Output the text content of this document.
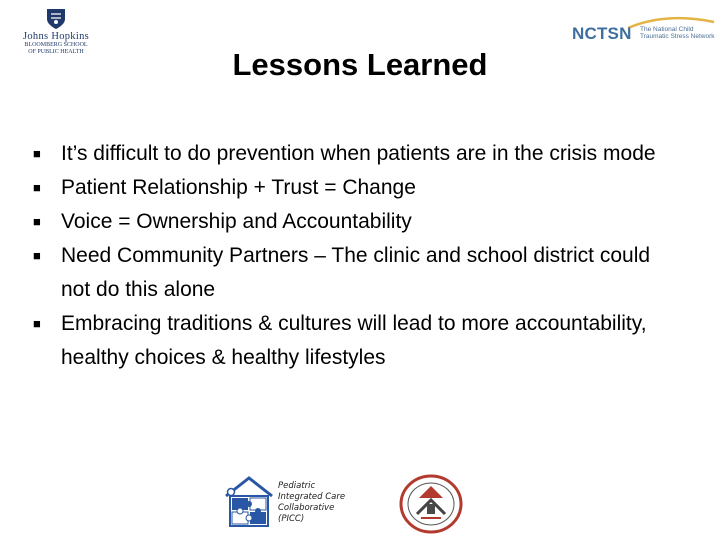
Johns Hopkins
BLOOMBERG SCHOOL
OF PUBLIC HEALTH
NCTSN The National Child Traumatic Stress Network
Lessons Learned
■ It’s difficult to do prevention when patients are in the crisis mode
■ Patient Relationship + Trust = Change
■ Voice = Ownership and Accountability
■ Need Community Partners – The clinic and school district could not do this alone
■ Embracing traditions & cultures will lead to more accountability, healthy choices & healthy lifestyles
Pediatric
Integrated Care
Collaborative
(PICC)
